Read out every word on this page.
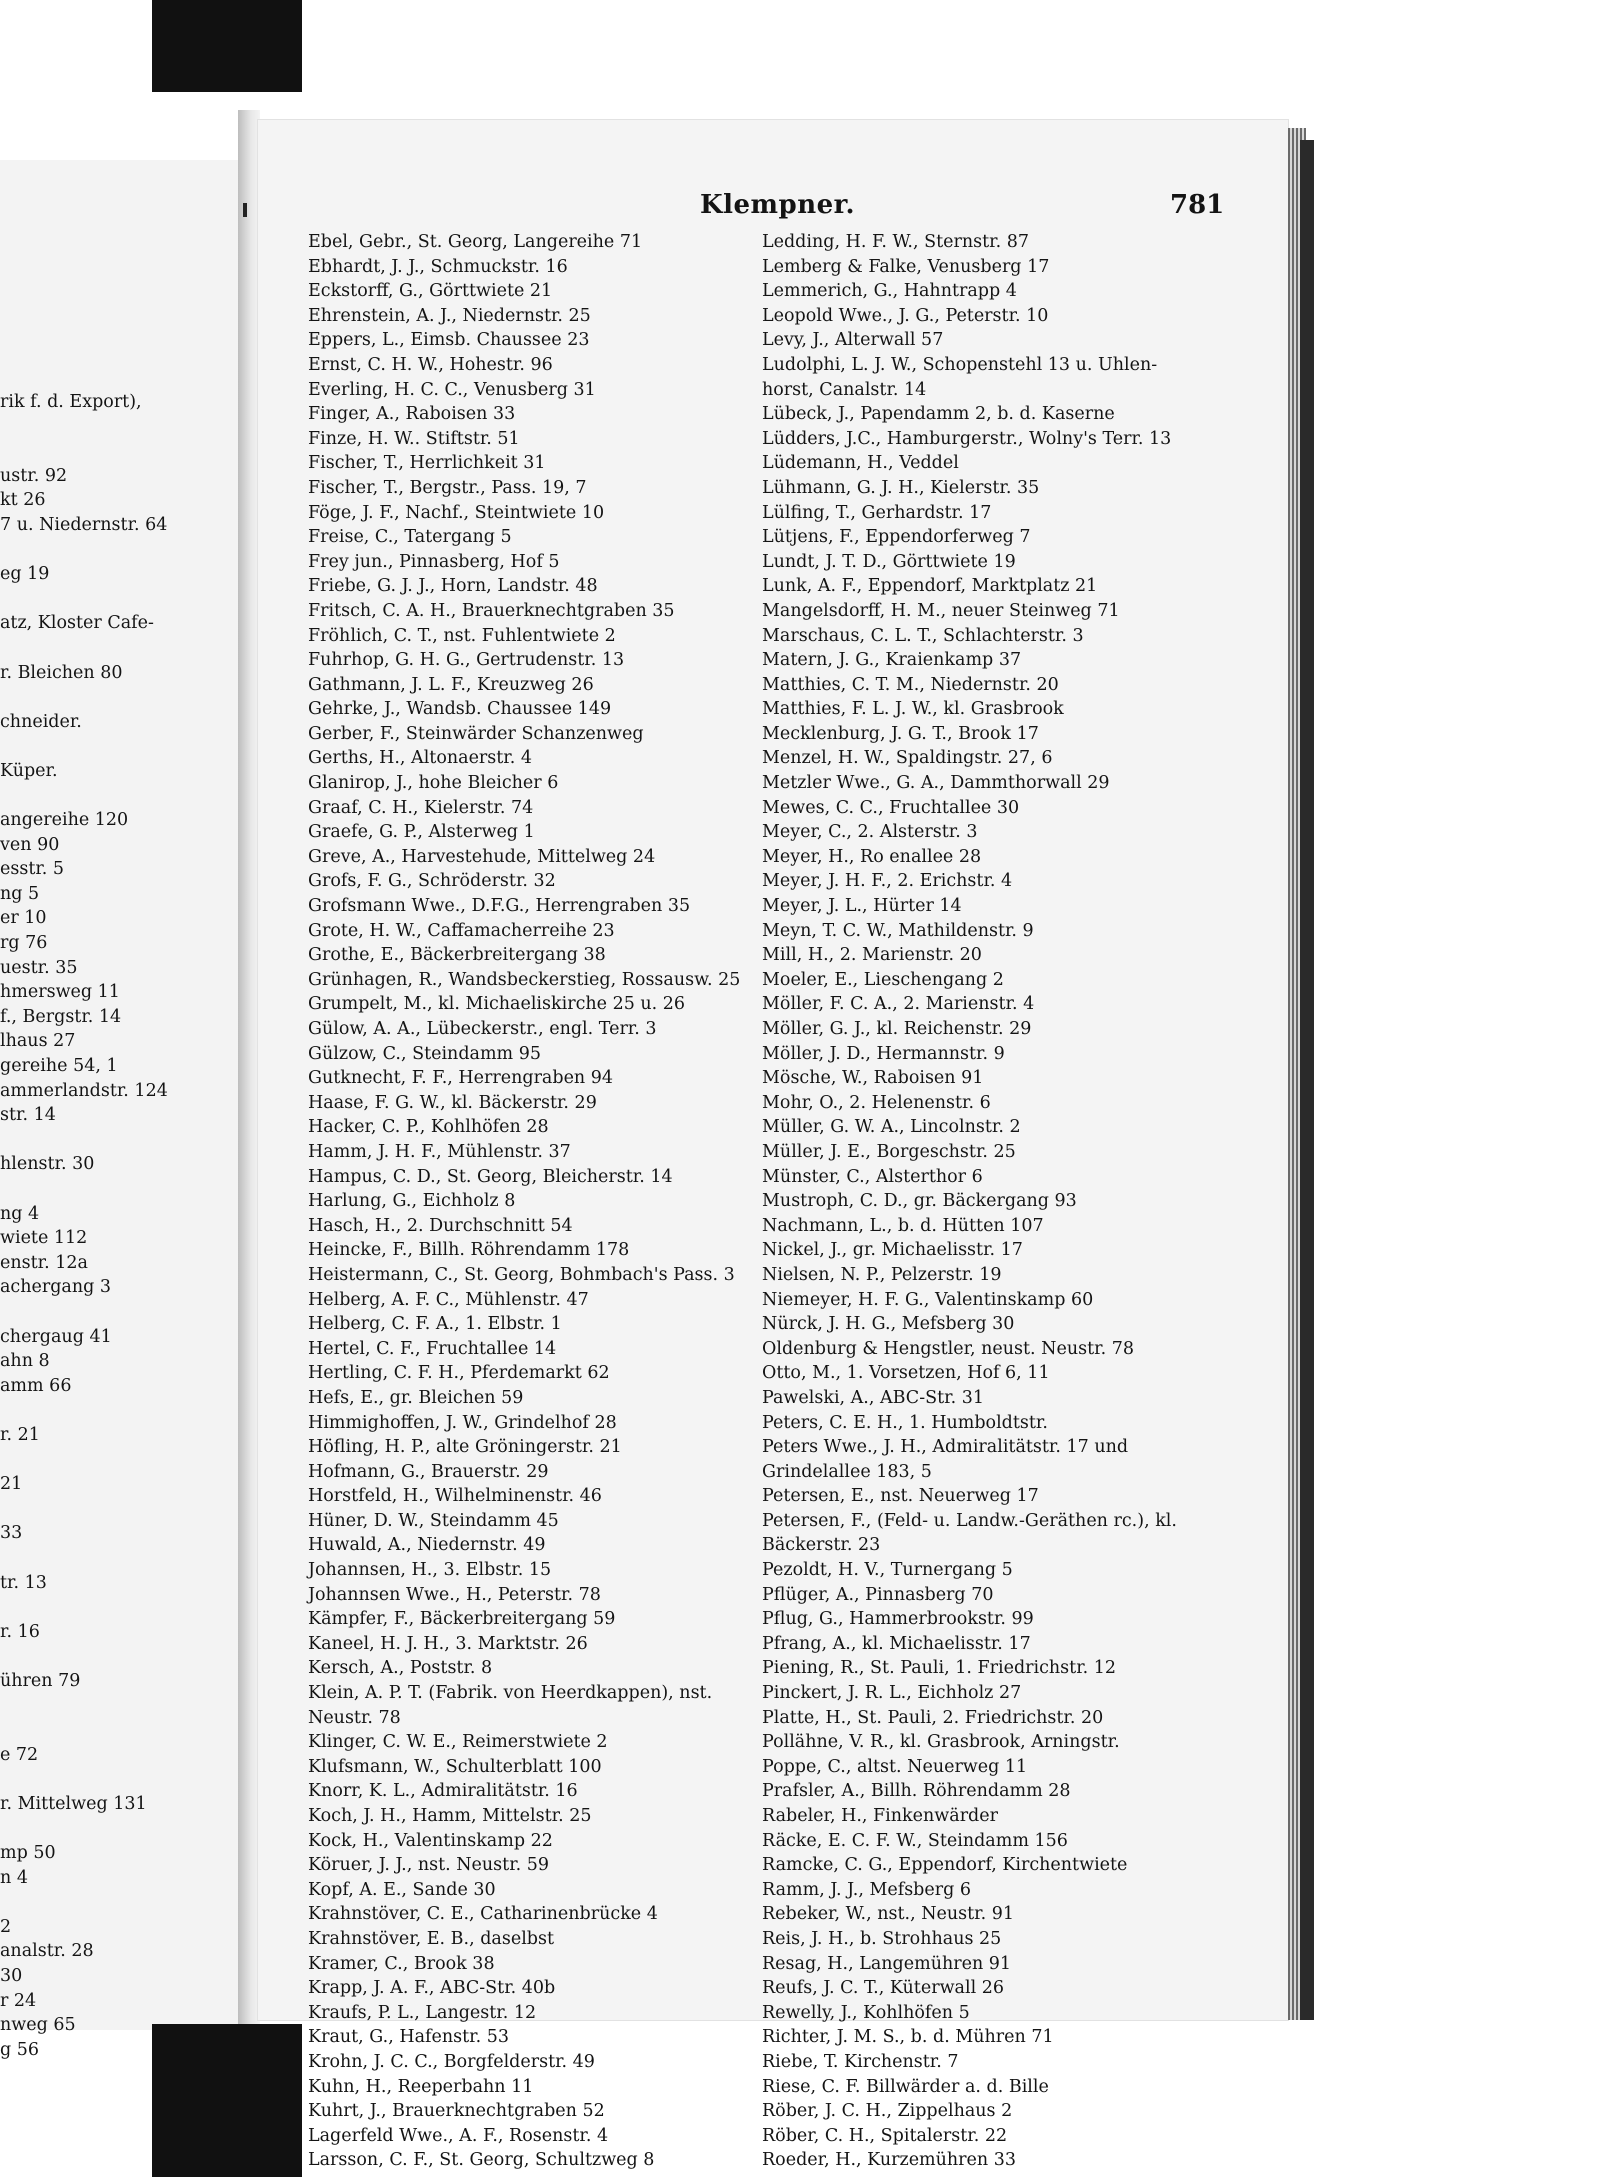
rik f. d. Export),
ustr. 92
kt 26
7 u. Niedernstr. 64
eg 19
atz, Kloster Cafe-
r. Bleichen 80
chneider.
Küper.
angereihe 120
ven 90
esstr. 5
ng 5
er 10
rg 76
uestr. 35
hmersweg 11
f., Bergstr. 14
lhaus 27
gereihe 54, 1
ammerlandstr. 124
str. 14
hlenstr. 30
ng 4
wiete 112
enstr. 12a
achergang 3
chergaug 41
ahn 8
amm 66
r. 21
21
33
tr. 13
r. 16
ühren 79
e 72
r. Mittelweg 131
mp 50
n 4
2
analstr. 28
30
r 24
nweg 65
g 56
Klempner.	781
Ebel, Gebr., St. Georg, Langereihe 71
Ebhardt, J. J., Schmuckstr. 16
Eckstorff, G., Görttwiete 21
Ehrenstein, A. J., Niedernstr. 25
Eppers, L., Eimsb. Chaussee 23
Ernst, C. H. W., Hohestr. 96
Everling, H. C. C., Venusberg 31
Finger, A., Raboisen 33
Finze, H. W.. Stiftstr. 51
Fischer, T., Herrlichkeit 31
Fischer, T., Bergstr., Pass. 19, 7
Föge, J. F., Nachf., Steintwiete 10
Freise, C., Tatergang 5
Frey jun., Pinnasberg, Hof 5
Friebe, G. J. J., Horn, Landstr. 48
Fritsch, C. A. H., Brauerknechtgraben 35
Fröhlich, C. T., nst. Fuhlentwiete 2
Fuhrhop, G. H. G., Gertrudenstr. 13
Gathmann, J. L. F., Kreuzweg 26
Gehrke, J., Wandsb. Chaussee 149
Gerber, F., Steinwärder Schanzenweg
Gerths, H., Altonaerstr. 4
Glanirop, J., hohe Bleicher 6
Graaf, C. H., Kielerstr. 74
Graefe, G. P., Alsterweg 1
Greve, A., Harvestehude, Mittelweg 24
Grofs, F. G., Schröderstr. 32
Grofsmann Wwe., D.F.G., Herrengraben 35
Grote, H. W., Caffamacherreihe 23
Grothe, E., Bäckerbreitergang 38
Grünhagen, R., Wandsbeckerstieg, Rossausw. 25
Grumpelt, M., kl. Michaeliskirche 25 u. 26
Gülow, A. A., Lübeckerstr., engl. Terr. 3
Gülzow, C., Steindamm 95
Gutknecht, F. F., Herrengraben 94
Haase, F. G. W., kl. Bäckerstr. 29
Hacker, C. P., Kohlhöfen 28
Hamm, J. H. F., Mühlenstr. 37
Hampus, C. D., St. Georg, Bleicherstr. 14
Harlung, G., Eichholz 8
Hasch, H., 2. Durchschnitt 54
Heincke, F., Billh. Röhrendamm 178
Heistermann, C., St. Georg, Bohmbach's Pass. 3
Helberg, A. F. C., Mühlenstr. 47
Helberg, C. F. A., 1. Elbstr. 1
Hertel, C. F., Fruchtallee 14
Hertling, C. F. H., Pferdemarkt 62
Hefs, E., gr. Bleichen 59
Himmighoffen, J. W., Grindelhof 28
Höfling, H. P., alte Gröningerstr. 21
Hofmann, G., Brauerstr. 29
Horstfeld, H., Wilhelminenstr. 46
Hüner, D. W., Steindamm 45
Huwald, A., Niedernstr. 49
Johannsen, H., 3. Elbstr. 15
Johannsen Wwe., H., Peterstr. 78
Kämpfer, F., Bäckerbreitergang 59
Kaneel, H. J. H., 3. Marktstr. 26
Kersch, A., Poststr. 8
Klein, A. P. T. (Fabrik. von Heerdkappen), nst.
Neustr. 78
Klinger, C. W. E., Reimerstwiete 2
Klufsmann, W., Schulterblatt 100
Knorr, K. L., Admiralitätstr. 16
Koch, J. H., Hamm, Mittelstr. 25
Kock, H., Valentinskamp 22
Köruer, J. J., nst. Neustr. 59
Kopf, A. E., Sande 30
Krahnstöver, C. E., Catharinenbrücke 4
Krahnstöver, E. B., daselbst
Kramer, C., Brook 38
Krapp, J. A. F., ABC-Str. 40b
Kraufs, P. L., Langestr. 12
Kraut, G., Hafenstr. 53
Krohn, J. C. C., Borgfelderstr. 49
Kuhn, H., Reeperbahn 11
Kuhrt, J., Brauerknechtgraben 52
Lagerfeld Wwe., A. F., Rosenstr. 4
Larsson, C. F., St. Georg, Schultzweg 8
Ledding, H. F. W., Sternstr. 87
Lemberg & Falke, Venusberg 17
Lemmerich, G., Hahntrapp 4
Leopold Wwe., J. G., Peterstr. 10
Levy, J., Alterwall 57
Ludolphi, L. J. W., Schopenstehl 13 u. Uhlen-
horst, Canalstr. 14
Lübeck, J., Papendamm 2, b. d. Kaserne
Lüdders, J.C., Hamburgerstr., Wolny's Terr. 13
Lüdemann, H., Veddel
Lühmann, G. J. H., Kielerstr. 35
Lülfing, T., Gerhardstr. 17
Lütjens, F., Eppendorferweg 7
Lundt, J. T. D., Görttwiete 19
Lunk, A. F., Eppendorf, Marktplatz 21
Mangelsdorff, H. M., neuer Steinweg 71
Marschaus, C. L. T., Schlachterstr. 3
Matern, J. G., Kraienkamp 37
Matthies, C. T. M., Niedernstr. 20
Matthies, F. L. J. W., kl. Grasbrook
Mecklenburg, J. G. T., Brook 17
Menzel, H. W., Spaldingstr. 27, 6
Metzler Wwe., G. A., Dammthorwall 29
Mewes, C. C., Fruchtallee 30
Meyer, C., 2. Alsterstr. 3
Meyer, H., Ro enallee 28
Meyer, J. H. F., 2. Erichstr. 4
Meyer, J. L., Hürter 14
Meyn, T. C. W., Mathildenstr. 9
Mill, H., 2. Marienstr. 20
Moeler, E., Lieschengang 2
Möller, F. C. A., 2. Marienstr. 4
Möller, G. J., kl. Reichenstr. 29
Möller, J. D., Hermannstr. 9
Mösche, W., Raboisen 91
Mohr, O., 2. Helenenstr. 6
Müller, G. W. A., Lincolnstr. 2
Müller, J. E., Borgeschstr. 25
Münster, C., Alsterthor 6
Mustroph, C. D., gr. Bäckergang 93
Nachmann, L., b. d. Hütten 107
Nickel, J., gr. Michaelisstr. 17
Nielsen, N. P., Pelzerstr. 19
Niemeyer, H. F. G., Valentinskamp 60
Nürck, J. H. G., Mefsberg 30
Oldenburg & Hengstler, neust. Neustr. 78
Otto, M., 1. Vorsetzen, Hof 6, 11
Pawelski, A., ABC-Str. 31
Peters, C. E. H., 1. Humboldtstr.
Peters Wwe., J. H., Admiralitätstr. 17 und
Grindelallee 183, 5
Petersen, E., nst. Neuerweg 17
Petersen, F., (Feld- u. Landw.-Geräthen rc.), kl.
Bäckerstr. 23
Pezoldt, H. V., Turnergang 5
Pflüger, A., Pinnasberg 70
Pflug, G., Hammerbrookstr. 99
Pfrang, A., kl. Michaelisstr. 17
Piening, R., St. Pauli, 1. Friedrichstr. 12
Pinckert, J. R. L., Eichholz 27
Platte, H., St. Pauli, 2. Friedrichstr. 20
Pollähne, V. R., kl. Grasbrook, Arningstr.
Poppe, C., altst. Neuerweg 11
Prafsler, A., Billh. Röhrendamm 28
Rabeler, H., Finkenwärder
Räcke, E. C. F. W., Steindamm 156
Ramcke, C. G., Eppendorf, Kirchentwiete
Ramm, J. J., Mefsberg 6
Rebeker, W., nst., Neustr. 91
Reis, J. H., b. Strohhaus 25
Resag, H., Langemühren 91
Reufs, J. C. T., Küterwall 26
Rewelly, J., Kohlhöfen 5
Richter, J. M. S., b. d. Mühren 71
Riebe, T. Kirchenstr. 7
Riese, C. F. Billwärder a. d. Bille
Röber, J. C. H., Zippelhaus 2
Röber, C. H., Spitalerstr. 22
Roeder, H., Kurzemühren 33
